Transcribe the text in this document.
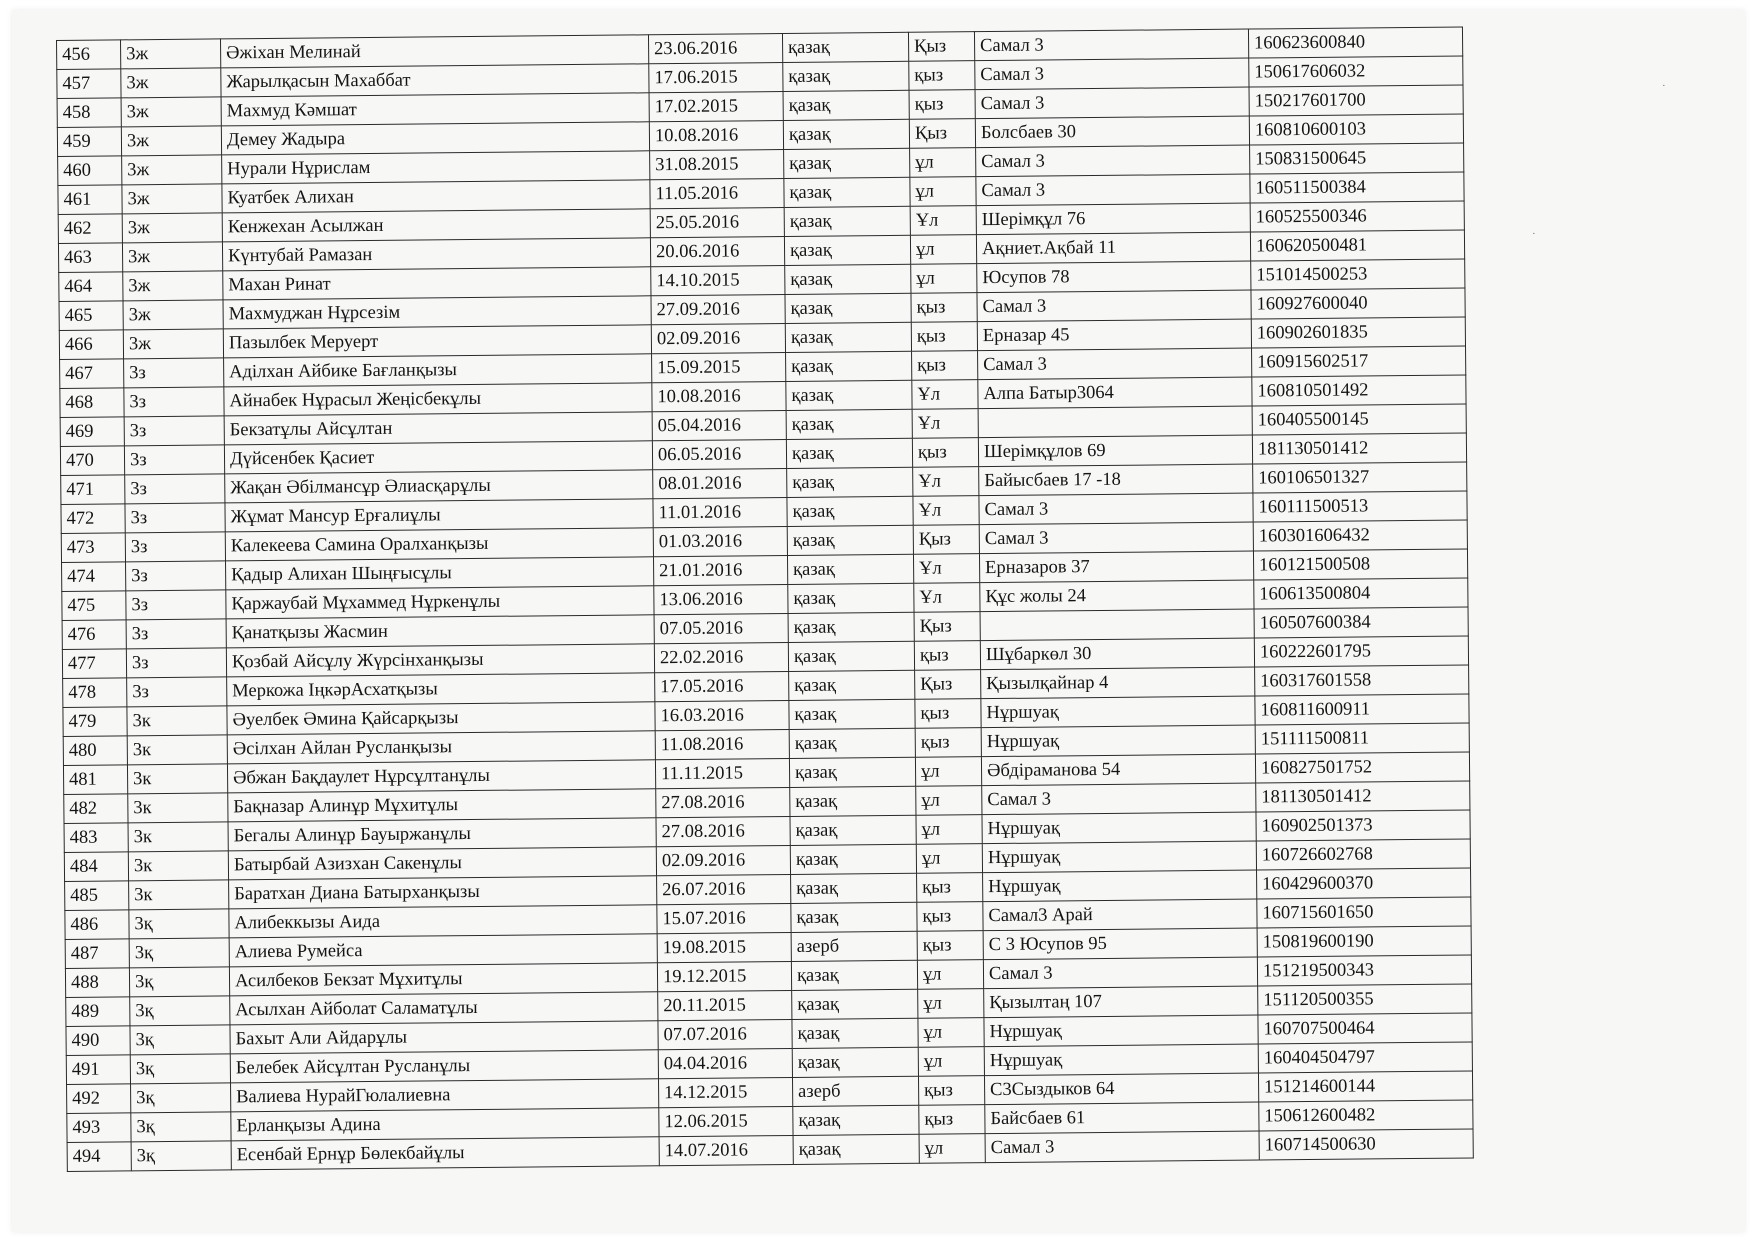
·
·
456	3ж	Әжіхан Мелинай	23.06.2016	қазақ	Қыз	Самал 3	160623600840
457	3ж	Жарылқасын Махаббат	17.06.2015	қазақ	қыз	Самал 3	150617606032
458	3ж	Махмуд Кәмшат	17.02.2015	қазақ	қыз	Самал 3	150217601700
459	3ж	Демеу Жадыра	10.08.2016	қазақ	Қыз	Болсбаев 30	160810600103
460	3ж	Нурали Нұрислам	31.08.2015	қазақ	ұл	Самал 3	150831500645
461	3ж	Куатбек Алихан	11.05.2016	қазақ	ұл	Самал 3	160511500384
462	3ж	Кенжехан Асылжан	25.05.2016	қазақ	Ұл	Шерімқұл 76	160525500346
463	3ж	Күнтубай Рамазан	20.06.2016	қазақ	ұл	Ақниет.Ақбай 11	160620500481
464	3ж	Махан Ринат	14.10.2015	қазақ	ұл	Юсупов 78	151014500253
465	3ж	Махмуджан Нұрсезім	27.09.2016	қазақ	қыз	Самал 3	160927600040
466	3ж	Пазылбек Меруерт	02.09.2016	қазақ	қыз	Ерназар 45	160902601835
467	3з	Аділхан Айбике Бағланқызы	15.09.2015	қазақ	қыз	Самал 3	160915602517
468	3з	Айнабек Нұрасыл Жеңісбекұлы	10.08.2016	қазақ	Ұл	Алпа Батыр3064	160810501492
469	3з	Бекзатұлы Айсұлтан	05.04.2016	қазақ	Ұл		160405500145
470	3з	Дүйсенбек Қасиет	06.05.2016	қазақ	қыз	Шерімқұлов 69	181130501412
471	3з	Жақан Әбілмансұр Әлиасқарұлы	08.01.2016	қазақ	Ұл	Байысбаев 17 -18	160106501327
472	3з	Жұмат Мансур Ерғалиұлы	11.01.2016	қазақ	Ұл	Самал 3	160111500513
473	3з	Калекеева Самина Оралханқызы	01.03.2016	қазақ	Қыз	Самал 3	160301606432
474	3з	Қадыр Алихан Шыңғысұлы	21.01.2016	қазақ	Ұл	Ерназаров 37	160121500508
475	3з	Қаржаубай Мұхаммед Нұркенұлы	13.06.2016	қазақ	Ұл	Құс жолы 24	160613500804
476	3з	Қанатқызы Жасмин	07.05.2016	қазақ	Қыз		160507600384
477	3з	Қозбай Айсұлу Жүрсінханқызы	22.02.2016	қазақ	қыз	Шұбаркөл 30	160222601795
478	3з	Меркожа ІңкәрАсхатқызы	17.05.2016	қазақ	Қыз	Қызылқайнар 4	160317601558
479	3к	Әуелбек Әмина Қайсарқызы	16.03.2016	қазақ	қыз	Нұршуақ	160811600911
480	3к	Әсілхан Айлан Русланқызы	11.08.2016	қазақ	қыз	Нұршуақ	151111500811
481	3к	Әбжан Бақдаулет Нұрсұлтанұлы	11.11.2015	қазақ	ұл	Әбдіраманова 54	160827501752
482	3к	Бақназар Алинұр Мұхитұлы	27.08.2016	қазақ	ұл	Самал 3	181130501412
483	3к	Бегалы Алинұр Бауыржанұлы	27.08.2016	қазақ	ұл	Нұршуақ	160902501373
484	3к	Батырбай Азизхан Сакенұлы	02.09.2016	қазақ	ұл	Нұршуақ	160726602768
485	3к	Баратхан Диана Батырханқызы	26.07.2016	қазақ	қыз	Нұршуақ	160429600370
486	3қ	Алибеккызы Аида	15.07.2016	қазақ	қыз	Самал3 Арай	160715601650
487	3қ	Алиева Румейса	19.08.2015	азерб	қыз	С 3 Юсупов 95	150819600190
488	3қ	Асилбеков Бекзат Мұхитұлы	19.12.2015	қазақ	ұл	Самал 3	151219500343
489	3қ	Асылхан Айболат Саламатұлы	20.11.2015	қазақ	ұл	Қызылтаң 107	151120500355
490	3қ	Бахыт Али Айдарұлы	07.07.2016	қазақ	ұл	Нұршуақ	160707500464
491	3қ	Белебек Айсұлтан Русланұлы	04.04.2016	қазақ	ұл	Нұршуақ	160404504797
492	3қ	Валиева НурайГюлалиевна	14.12.2015	азерб	қыз	С3Сыздыков 64	151214600144
493	3қ	Ерланқызы Адина	12.06.2015	қазақ	қыз	Байсбаев 61	150612600482
494	3қ	Есенбай Ернұр Бөлекбайұлы	14.07.2016	қазақ	ұл	Самал 3	160714500630
